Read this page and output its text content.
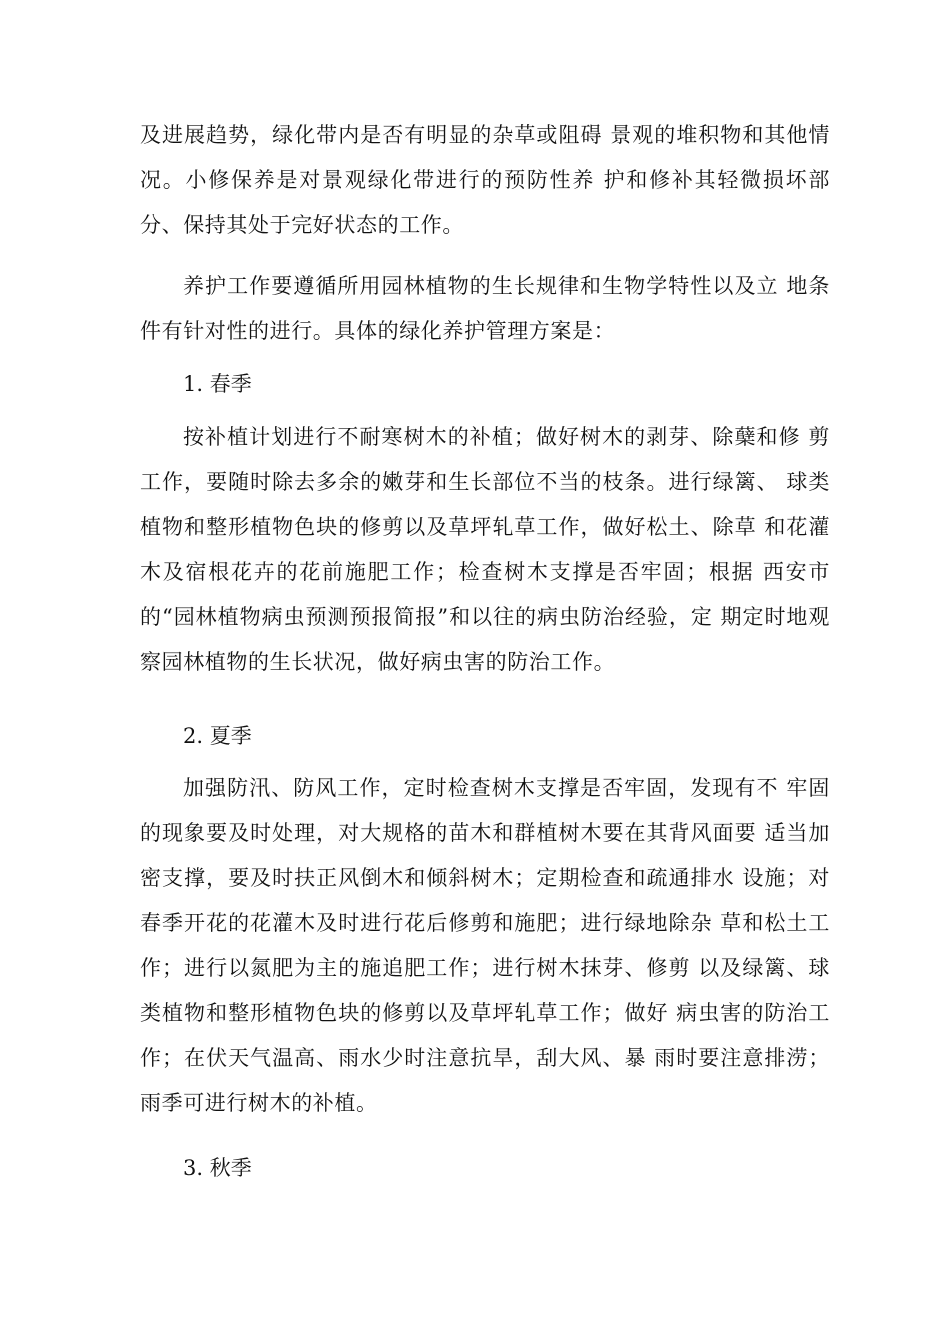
及进展趋势，绿化带内是否有明显的杂草或阻碍 景观的堆积物和其他情况。小修保养是对景观绿化带进行的预防性养 护和修补其轻微损坏部分、保持其处于完好状态的工作。

养护工作要遵循所用园林植物的生长规律和生物学特性以及立 地条件有针对性的进行。具体的绿化养护管理方案是：

1. 春季

按补植计划进行不耐寒树木的补植；做好树木的剥芽、除蘖和修 剪工作，要随时除去多余的嫩芽和生长部位不当的枝条。进行绿篱、 球类植物和整形植物色块的修剪以及草坪轧草工作，做好松土、除草 和花灌木及宿根花卉的花前施肥工作；检查树木支撑是否牢固；根据 西安市的“园林植物病虫预测预报简报”和以往的病虫防治经验，定 期定时地观察园林植物的生长状况，做好病虫害的防治工作。

2. 夏季

加强防汛、防风工作，定时检查树木支撑是否牢固，发现有不 牢固的现象要及时处理，对大规格的苗木和群植树木要在其背风面要 适当加密支撑，要及时扶正风倒木和倾斜树木；定期检查和疏通排水 设施；对春季开花的花灌木及时进行花后修剪和施肥；进行绿地除杂 草和松土工作；进行以氮肥为主的施追肥工作；进行树木抹芽、修剪 以及绿篱、球类植物和整形植物色块的修剪以及草坪轧草工作；做好 病虫害的防治工作；在伏天气温高、雨水少时注意抗旱，刮大风、暴 雨时要注意排涝；雨季可进行树木的补植。

3. 秋季
